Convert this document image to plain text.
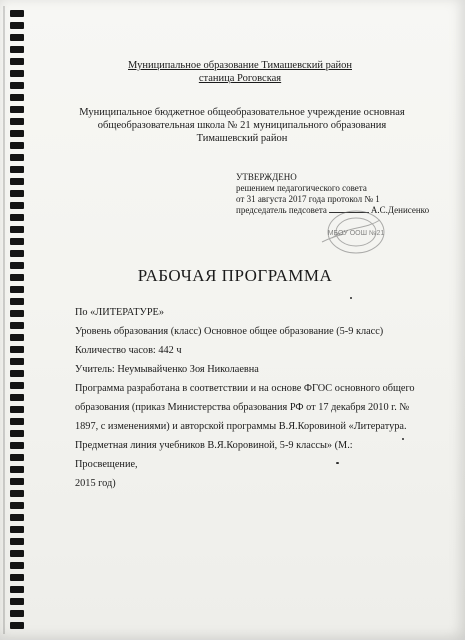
Муниципальное образование Тимашевский район
станица Роговская
Муниципальное бюджетное общеобразовательное учреждение основная
общеобразовательная школа № 21 муниципального образования
Тимашевский район
УТВЕРЖДЕНО
решением педагогического совета
от 31 августа 2017 года протокол № 1
председатель педсовета	А.С.Денисенко
МБОУ ООШ №21
РАБОЧАЯ ПРОГРАММА

По «ЛИТЕРАТУРЕ»

Уровень образования (класс) Основное общее образование (5-9 класс)

Количество часов: 442 ч

Учитель: Неумывайченко Зоя Николаевна

Программа разработана в соответствии и на основе ФГОС основного общего

образования (приказ Министерства образования РФ от 17 декабря 2010 г. №

1897, с изменениями) и авторской программы В.Я.Коровиной «Литература.

Предметная линия учебников В.Я.Коровиной, 5-9 классы» (М.: Просвещение,

2015 год)
